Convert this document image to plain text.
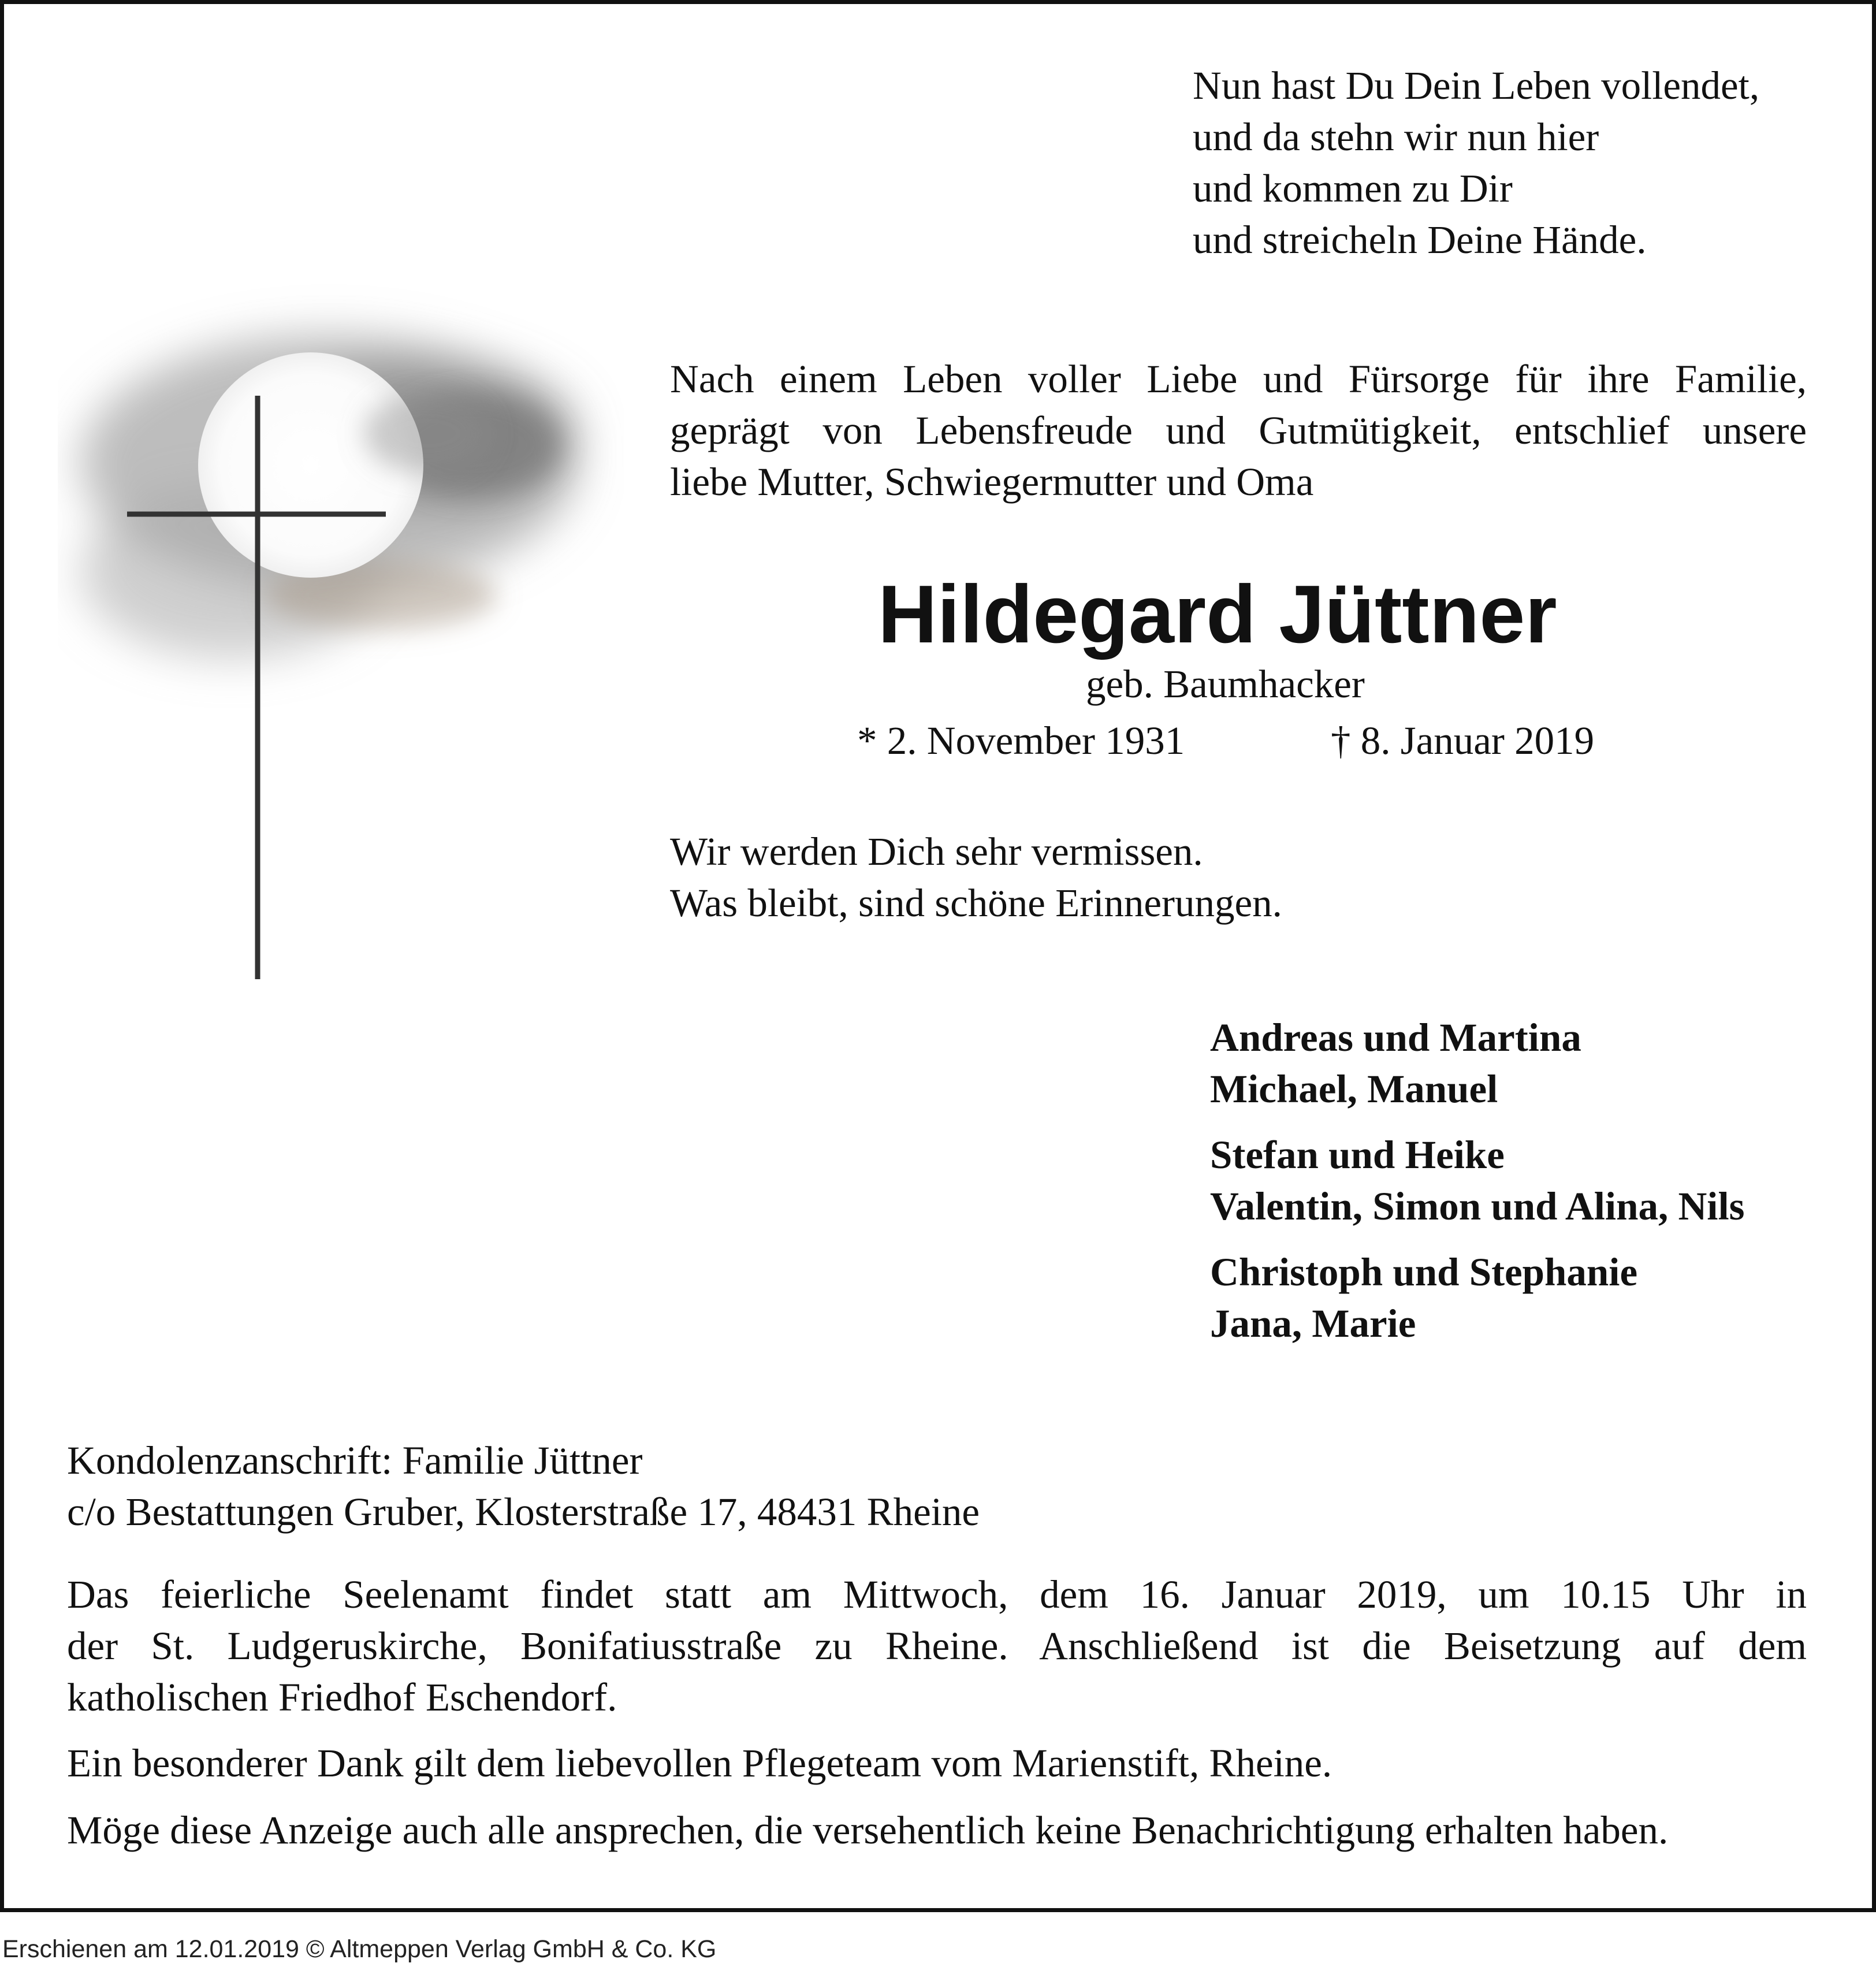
Nun hast Du Dein Leben vollendet,
und da stehn wir nun hier
und kommen zu Dir
und streicheln Deine Hände.
Nach einem Leben voller Liebe und Fürsorge für ihre Familie,
geprägt von Lebensfreude und Gutmütigkeit, entschlief unsere
liebe Mutter, Schwiegermutter und Oma
Hildegard Jüttner
geb. Baumhacker
* 2. November 1931	† 8. Januar 2019
Wir werden Dich sehr vermissen.
Was bleibt, sind schöne Erinnerungen.
Andreas und Martina
Michael, Manuel
Stefan und Heike
Valentin, Simon und Alina, Nils
Christoph und Stephanie
Jana, Marie
Kondolenzanschrift: Familie Jüttner
c/o Bestattungen Gruber, Klosterstraße 17, 48431 Rheine
Das feierliche Seelenamt findet statt am Mittwoch, dem 16. Januar 2019, um 10.15 Uhr in
der St. Ludgeruskirche, Bonifatiusstraße zu Rheine. Anschließend ist die Beisetzung auf dem
katholischen Friedhof Eschendorf.
Ein besonderer Dank gilt dem liebevollen Pflegeteam vom Marienstift, Rheine.
Möge diese Anzeige auch alle ansprechen, die versehentlich keine Benachrichtigung erhalten haben.
Erschienen am 12.01.2019 © Altmeppen Verlag GmbH & Co. KG
